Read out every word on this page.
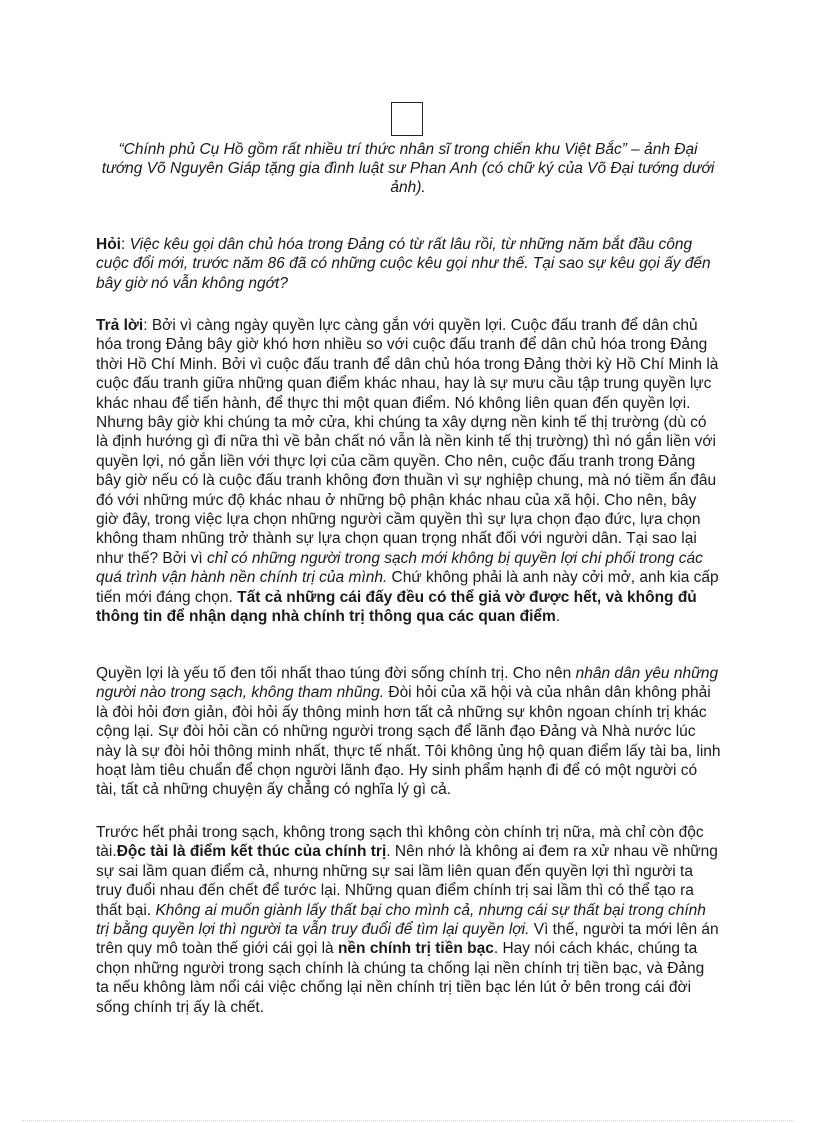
“Chính phủ Cụ Hồ gồm rất nhiều trí thức nhân sĩ trong chiến khu Việt Bắc” – ảnh Đại tướng Võ Nguyên Giáp tặng gia đình luật sư Phan Anh (có chữ ký của Võ Đại tướng dưới ảnh).

Hỏi: Việc kêu gọi dân chủ hóa trong Đảng có từ rất lâu rồi, từ những năm bắt đầu công cuộc đổi mới, trước năm 86 đã có những cuộc kêu gọi như thế. Tại sao sự kêu gọi ấy đến bây giờ nó vẫn không ngớt?

Trả lời: Bởi vì càng ngày quyền lực càng gắn với quyền lợi. Cuộc đấu tranh để dân chủ hóa trong Đảng bây giờ khó hơn nhiều so với cuộc đấu tranh để dân chủ hóa trong Đảng thời Hồ Chí Minh. Bởi vì cuộc đấu tranh để dân chủ hóa trong Đảng thời kỳ Hồ Chí Minh là cuộc đấu tranh giữa những quan điểm khác nhau, hay là sự mưu cầu tập trung quyền lực khác nhau để tiến hành, để thực thi một quan điểm. Nó không liên quan đến quyền lợi. Nhưng bây giờ khi chúng ta mở cửa, khi chúng ta xây dựng nền kinh tế thị trường (dù có là định hướng gì đi nữa thì về bản chất nó vẫn là nền kinh tế thị trường) thì nó gắn liền với quyền lợi, nó gắn liền với thực lợi của cầm quyền. Cho nên, cuộc đấu tranh trong Đảng bây giờ nếu có là cuộc đấu tranh không đơn thuần vì sự nghiệp chung, mà nó tiềm ẩn đâu đó với những mức độ khác nhau ở những bộ phận khác nhau của xã hội. Cho nên, bây giờ đây, trong việc lựa chọn những người cầm quyền thì sự lựa chọn đạo đức, lựa chọn không tham nhũng trở thành sự lựa chọn quan trọng nhất đối với người dân. Tại sao lại như thế? Bởi vì chỉ có những người trong sạch mới không bị quyền lợi chi phối trong các quá trình vận hành nền chính trị của mình. Chứ không phải là anh này cởi mở, anh kia cấp tiến mới đáng chọn. Tất cả những cái đấy đều có thể giả vờ được hết, và không đủ thông tin để nhận dạng nhà chính trị thông qua các quan điểm.

Quyền lợi là yếu tố đen tối nhất thao túng đời sống chính trị. Cho nên nhân dân yêu những người nào trong sạch, không tham nhũng. Đòi hỏi của xã hội và của nhân dân không phải là đòi hỏi đơn giản, đòi hỏi ấy thông minh hơn tất cả những sự khôn ngoan chính trị khác cộng lại. Sự đòi hỏi cần có những người trong sạch để lãnh đạo Đảng và Nhà nước lúc này là sự đòi hỏi thông minh nhất, thực tế nhất. Tôi không ủng hộ quan điểm lấy tài ba, linh hoạt làm tiêu chuẩn để chọn người lãnh đạo. Hy sinh phẩm hạnh đi để có một người có tài, tất cả những chuyện ấy chẳng có nghĩa lý gì cả.

Trước hết phải trong sạch, không trong sạch thì không còn chính trị nữa, mà chỉ còn độc tài.Độc tài là điểm kết thúc của chính trị. Nên nhớ là không ai đem ra xử nhau về những sự sai lầm quan điểm cả, nhưng những sự sai lầm liên quan đến quyền lợi thì người ta truy đuổi nhau đến chết để tước lại. Những quan điểm chính trị sai lầm thì có thể tạo ra thất bại. Không ai muốn giành lấy thất bại cho mình cả, nhưng cái sự thất bại trong chính trị bằng quyền lợi thì người ta vẫn truy đuổi để tìm lại quyền lợi. Vì thế, người ta mới lên án trên quy mô toàn thế giới cái gọi là nền chính trị tiền bạc. Hay nói cách khác, chúng ta chọn những người trong sạch chính là chúng ta chống lại nền chính trị tiền bạc, và Đảng ta nếu không làm nổi cái việc chống lại nền chính trị tiền bạc lén lút ở bên trong cái đời sống chính trị ấy là chết.
